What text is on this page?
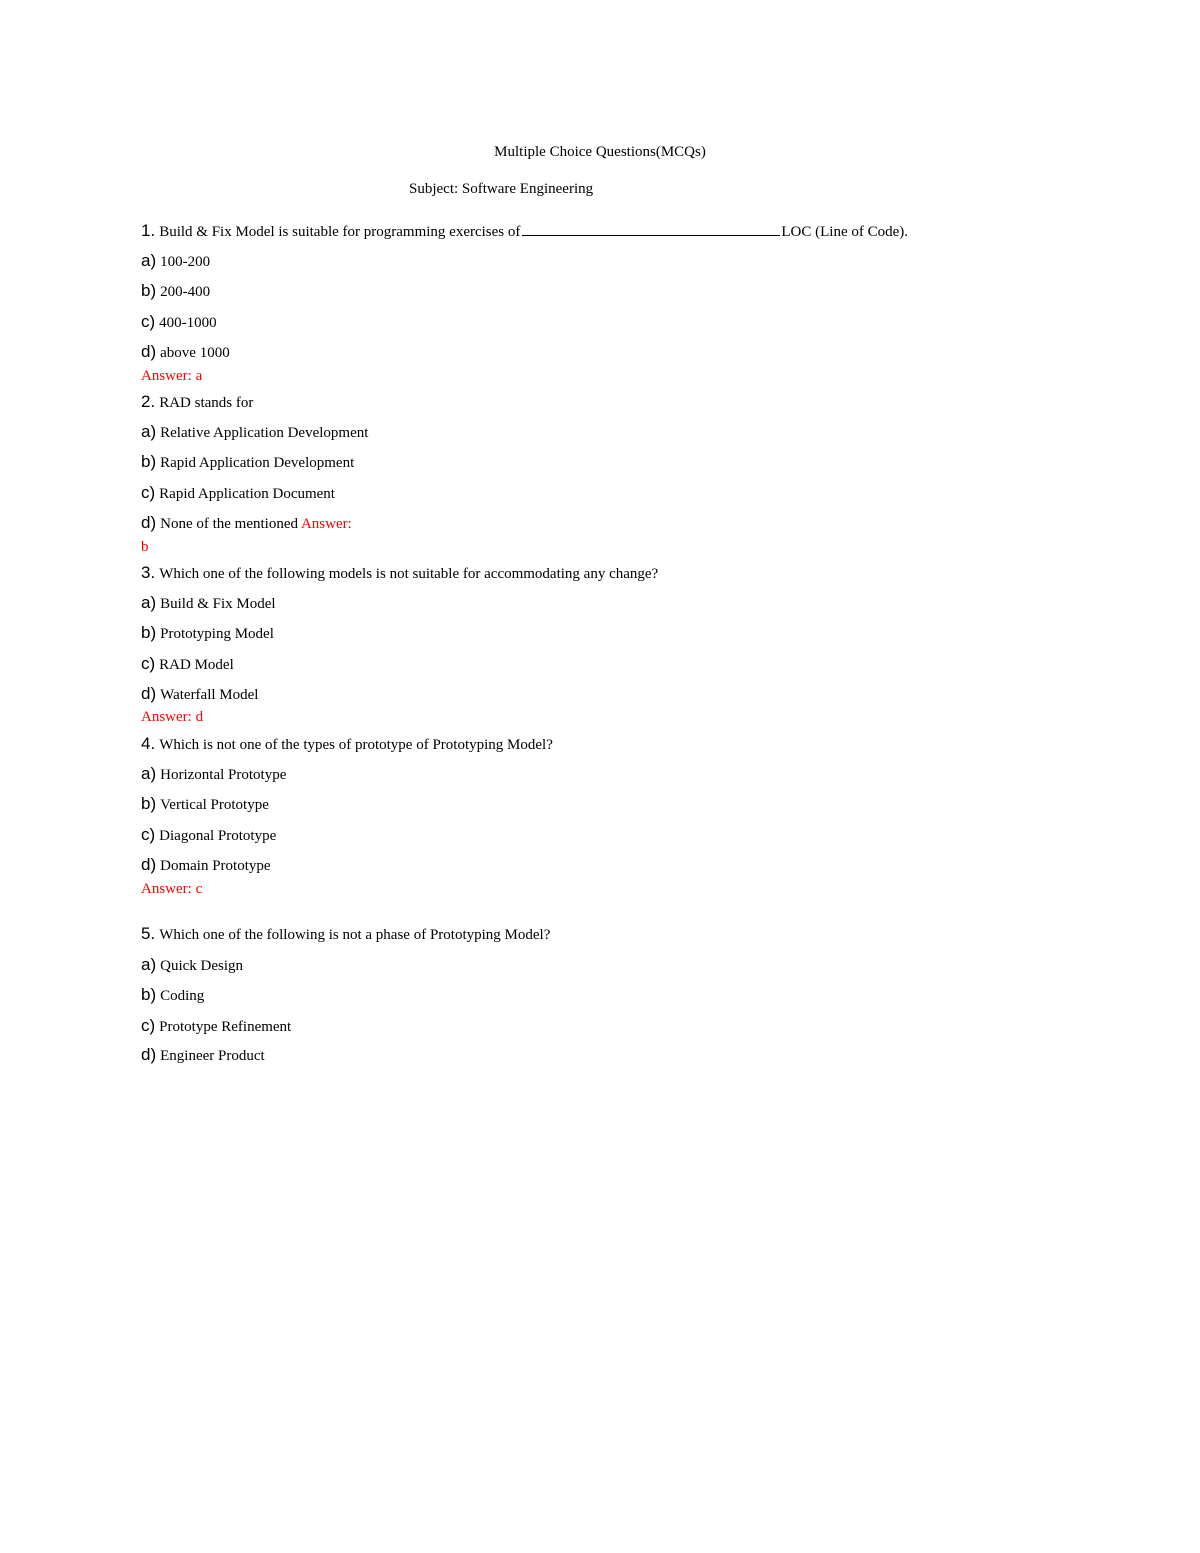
Multiple Choice Questions(MCQs)
Subject: Software Engineering
1. Build & Fix Model is suitable for programming exercises of	LOC (Line of Code).
a) 100-200
b) 200-400
c) 400-1000
d) above 1000
Answer: a
2. RAD stands for
a) Relative Application Development
b) Rapid Application Development
c) Rapid Application Document
d) None of the mentioned Answer:
b
3. Which one of the following models is not suitable for accommodating any change?
a) Build & Fix Model
b) Prototyping Model
c) RAD Model
d) Waterfall Model
Answer: d
4. Which is not one of the types of prototype of Prototyping Model?
a) Horizontal Prototype
b) Vertical Prototype
c) Diagonal Prototype
d) Domain Prototype
Answer: c
5. Which one of the following is not a phase of Prototyping Model?
a) Quick Design
b) Coding
c) Prototype Refinement
d) Engineer Product
